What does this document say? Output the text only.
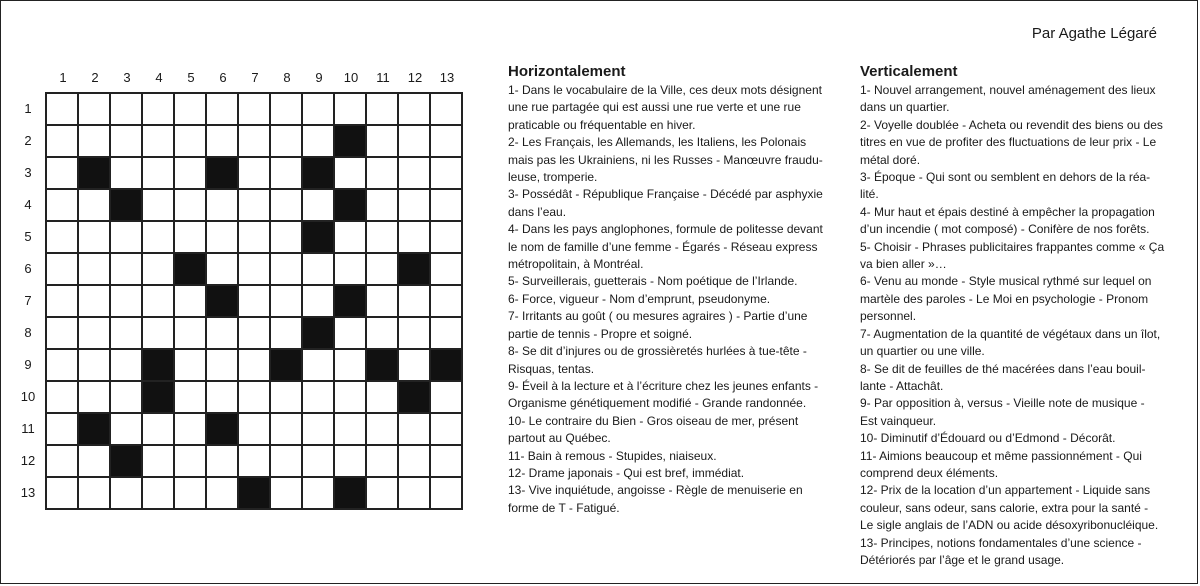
Par Agathe Légaré
1	2	3	4	5	6	7	8	9	10	11	12	13
1
2
3
4
5
6
7
8
9
10
11
12
13
Horizontalement
1- Dans le vocabulaire de la Ville, ces deux mots désignent
une rue partagée qui est aussi une rue verte et une rue
praticable ou fréquentable en hiver.
2- Les Français, les Allemands, les Italiens, les Polonais
mais pas les Ukrainiens, ni les Russes - Manœuvre fraudu-
leuse, tromperie.
3- Possédât - République Française - Décédé par asphyxie
dans l’eau.
4- Dans les pays anglophones, formule de politesse devant
le nom de famille d’une femme - Égarés - Réseau express
métropolitain, à Montréal.
5- Surveillerais, guetterais - Nom poétique de l’Irlande.
6- Force, vigueur - Nom d’emprunt, pseudonyme.
7- Irritants au goût ( ou mesures agraires ) - Partie d’une
partie de tennis - Propre et soigné.
8- Se dit d’injures ou de grossièretés hurlées à tue-tête -
Risquas, tentas.
9- Éveil à la lecture et à l’écriture chez les jeunes enfants -
Organisme génétiquement modifié - Grande randonnée.
10- Le contraire du Bien - Gros oiseau de mer, présent
partout au Québec.
11- Bain à remous - Stupides, niaiseux.
12- Drame japonais - Qui est bref, immédiat.
13- Vive inquiétude, angoisse - Règle de menuiserie en
forme de T - Fatigué.
Verticalement
1- Nouvel arrangement, nouvel aménagement des lieux
dans un quartier.
2- Voyelle doublée - Acheta ou revendit des biens ou des
titres en vue de profiter des fluctuations de leur prix - Le
métal doré.
3- Époque - Qui sont ou semblent en dehors de la réa-
lité.
4- Mur haut et épais destiné à empêcher la propagation
d’un incendie ( mot composé) - Conifère de nos forêts.
5- Choisir - Phrases publicitaires frappantes comme « Ça
va bien aller »…
6- Venu au monde - Style musical rythmé sur lequel on
martèle des paroles - Le Moi en psychologie - Pronom
personnel.
7- Augmentation de la quantité de végétaux dans un îlot,
un quartier ou une ville.
8- Se dit de feuilles de thé macérées dans l’eau bouil-
lante - Attachât.
9- Par opposition à, versus - Vieille note de musique -
Est vainqueur.
10- Diminutif d’Édouard ou d’Edmond - Décorât.
11- Aimions beaucoup et même passionnément - Qui
comprend deux éléments.
12- Prix de la location d’un appartement - Liquide sans
couleur, sans odeur, sans calorie, extra pour la santé -
Le sigle anglais de l’ADN ou acide désoxyribonucléique.
13- Principes, notions fondamentales d’une science -
Détériorés par l’âge et le grand usage.
